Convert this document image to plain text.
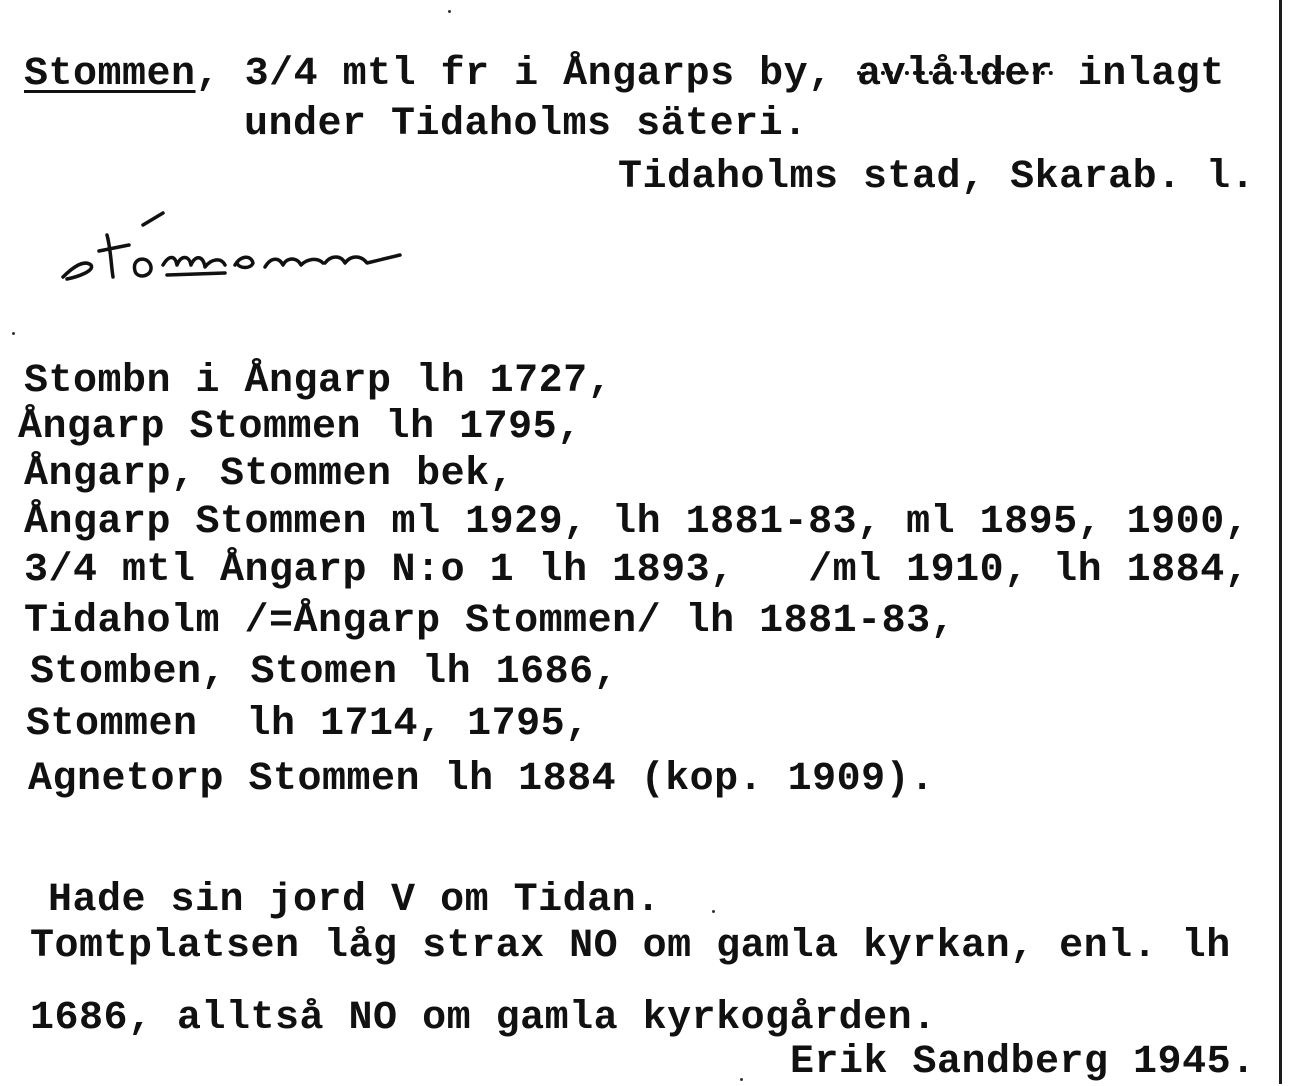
Stommen, 3/4 mtl fr i Ångarps by, avlålder inlagt
under Tidaholms säteri.
Tidaholms stad, Skarab. l.
Stombn i Ångarp lh 1727,
Ångarp Stommen lh 1795,
Ångarp, Stommen bek,
Ångarp Stommen ml 1929, lh 1881-83, ml 1895, 1900,
3/4 mtl Ångarp N:o 1 lh 1893,   /ml 1910, lh 1884,
Tidaholm /=Ångarp Stommen/ lh 1881-83,
Stomben, Stomen lh 1686,
Stommen  lh 1714, 1795,
Agnetorp Stommen lh 1884 (kop. 1909).
Hade sin jord V om Tidan.
Tomtplatsen låg strax NO om gamla kyrkan, enl. lh
1686, alltså NO om gamla kyrkogården.
Erik Sandberg 1945.
